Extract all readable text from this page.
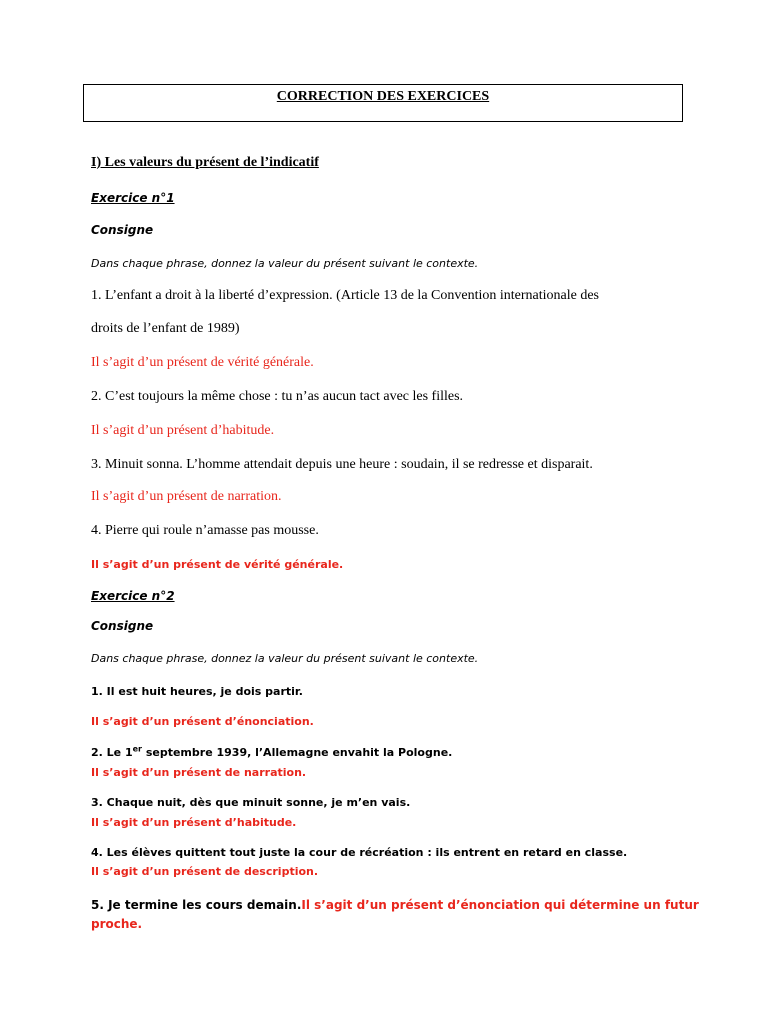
CORRECTION DES EXERCICES
I) Les valeurs du présent de l’indicatif
Exercice n°1
Consigne
Dans chaque phrase, donnez la valeur du présent suivant le contexte.
1. L’enfant a droit à la liberté d’expression. (Article 13 de la Convention internationale des
droits de l’enfant de 1989)
Il s’agit d’un présent de vérité générale.
2. C’est toujours la même chose : tu n’as aucun tact avec les filles.
Il s’agit d’un présent d’habitude.
3. Minuit sonna. L’homme attendait depuis une heure : soudain, il se redresse et disparait.
Il s’agit d’un présent de narration.
4. Pierre qui roule n’amasse pas mousse.
Il s’agit d’un présent de vérité générale.
Exercice n°2
Consigne
Dans chaque phrase, donnez la valeur du présent suivant le contexte.
1. Il est huit heures, je dois partir.
Il s’agit d’un présent d’énonciation.
2. Le 1er septembre 1939, l’Allemagne envahit la Pologne.
Il s’agit d’un présent de narration.
3. Chaque nuit, dès que minuit sonne, je m’en vais.
Il s’agit d’un présent d’habitude.
4. Les élèves quittent tout juste la cour de récréation : ils entrent en retard en classe.
Il s’agit d’un présent de description.
5. Je termine les cours demain.Il s’agit d’un présent d’énonciation qui détermine un futur
proche.
